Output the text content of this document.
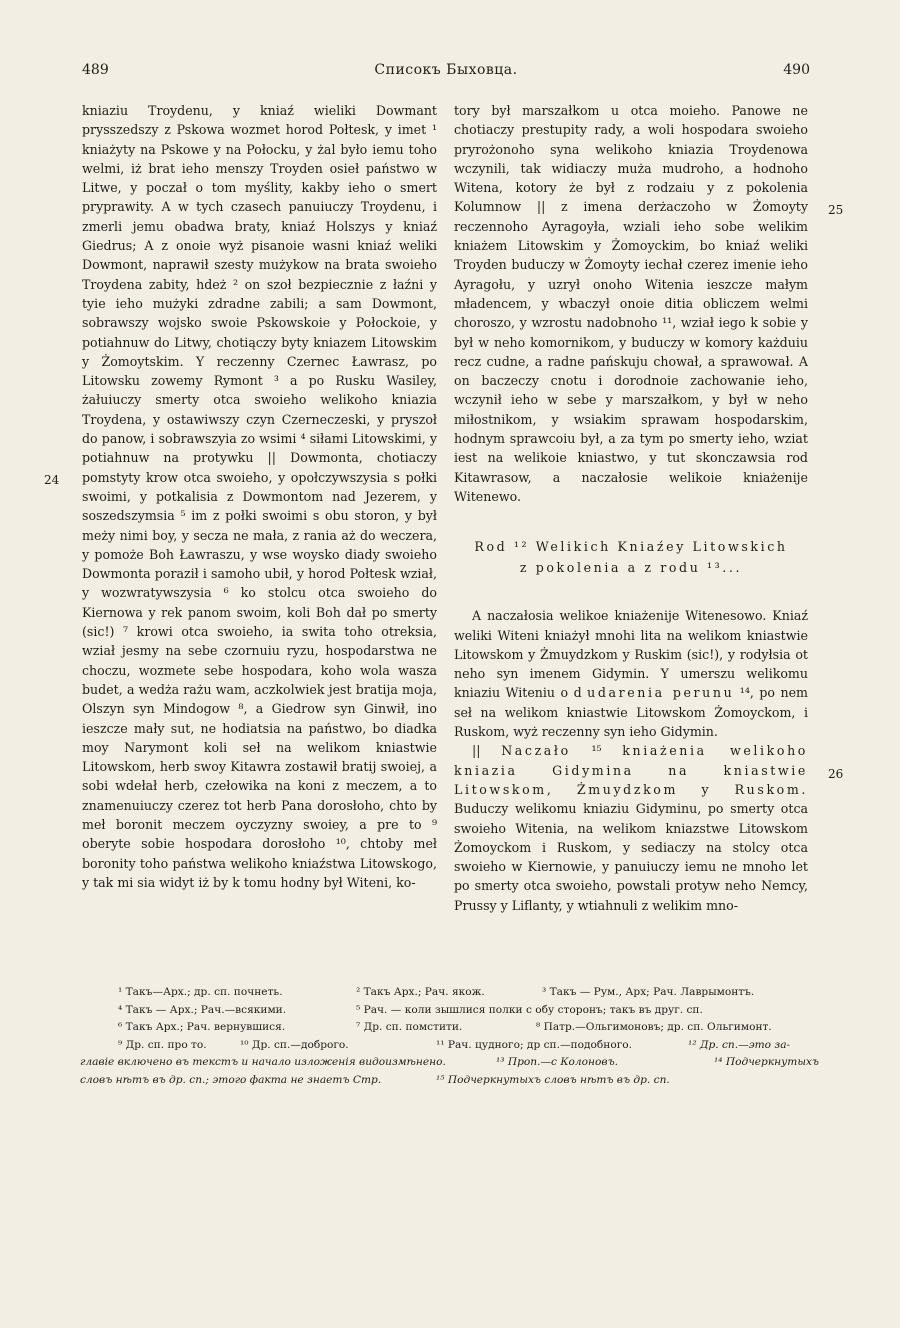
489	Списокъ Быховца.	490
24
25
26

kniaziu Troydenu, y kniaź wieliki Dowmant prysszedszy z Pskowa wozmet horod Połtesk, y imet ¹ kniażyty na Pskowe y na Połocku, y żal było iemu toho welmi, iż brat ieho menszy Troyden osieł państwo w Litwe, y poczał o tom myślity, kakby ieho o smert pryprawity. A w tych czasech panuiuczy Troydenu, i zmerli jemu obadwa braty, kniaź Holszys y kniaź Giedrus; A z onoie wyż pisanoie wasni kniaź weliki Dowmont, naprawił szesty mużykow na brata swoieho Troydena zabity, hdeż ² on szoł bezpiecznie z łaźni y tyie ieho mużyki zdradne zabili; a sam Dowmont, sobrawszy wojsko swoie Pskowskoie y Połockoie, y potiahnuw do Litwy, chotiączy byty kniazem Litowskim y Żomoytskim. Y reczenny Czernec Ławrasz, po Litowsku zowemy Rymont ³ a po Rusku Wasiley, żałuiuczy smerty otca swoieho welikoho kniazia Troydena, y ostawiwszy czyn Czerneczeski, y pryszoł do panow, i sobrawszyia zo wsimi ⁴ siłami Litowskimi, y potiahnuw na protywku || Dowmonta, chotiaczy pomstyty krow otca swoieho, y opołczywszysia s połki swoimi, y potkalisia z Dowmontom nad Jezerem, y soszedszymsia ⁵ im z połki swoimi s obu storon, y był meży nimi boy, y secza ne mała, z rania aż do weczera, y pomoże Boh Ławraszu, y wse woysko diady swoieho Dowmonta poraził i samoho ubił, y horod Połtesk wział, y wozwratywszysia ⁶ ko stolcu otca swoieho do Kiernowa y rek panom swoim, koli Boh dał po smerty (sic!) ⁷ krowi otca swoieho, ia swita toho otreksia, wział jesmy na sebe czornuiu ryzu, hospodarstwa ne choczu, wozmete sebe hospodara, koho wola wasza budet, a wedża rażu wam, aczkolwiek jest bratija moja, Olszyn syn Mindogow ⁸, a Giedrow syn Ginwił, ino ieszcze mały sut, ne hodiatsia na państwo, bo diadka moy Narymont koli seł na welikom kniastwie Litowskom, herb swoy Kitawra zostawił bratij swoiej, a sobi wdełał herb, czełowika na koni z meczem, a to znamenuiuczy czerez tot herb Pana dorosłoho, chto by meł boronit meczem oyczyzny swoiey, a pre to ⁹ oberyte sobie hospodara dorosłoho ¹⁰, chtoby meł boronity toho państwa welikoho kniaźstwa Litowskogo, y tak mi sia widyt iż by k tomu hodny był Witeni, ko-

tory był marszałkom u otca moieho. Panowe ne chotiaczy prestupity rady, a woli hospodara swoieho pryrożonoho syna welikoho kniazia Troydenowa wczynili, tak widiaczy muża mudroho, a hodnoho Witena, kotory że był z rodzaiu y z pokolenia Kolumnow || z imena derżaczoho w Żomoyty reczennoho Ayragoyła, wziali ieho sobe welikim kniażem Litowskim y Żomoyckim, bo kniaź weliki Troyden buduczy w Żomoyty iechał czerez imenie ieho Ayragołu, y uzrył onoho Witenia ieszcze małym mładencem, y wbaczył onoie ditia obliczem welmi choroszo, y wzrostu nadobnoho ¹¹, wział iego k sobie y był w neho komornikom, y buduczy w komory każduiu recz cudne, a radne pańskuju chował, a sprawował. A on baczeczy cnotu i dorodnoie zachowanie ieho, wczynił ieho w sebe y marszałkom, y był w neho miłostnikom, y wsiakim sprawam hospodarskim, hodnym sprawcoiu był, a za tym po smerty ieho, wziat iest na welikoie kniastwo, y tut skonczawsia rod Kitawrasow, a naczałosie welikoie kniażenije Witenewo.

Rod ¹² Welikich Kniaźey Litowskich
z pokolenia a z rodu ¹³...

A naczałosia welikoe kniażenije Witenesowo. Kniaź weliki Witeni kniażył mnohi lita na welikom kniastwie Litowskom y Żmuydzkom y Ruskim (sic!), y rodyłsia ot neho syn imenem Gidymin. Y umerszu welikomu kniaziu Witeniu o d udarenia perunu ¹⁴, po nem seł na welikom kniastwie Litowskom Żomoyckom, i Ruskom, wyż reczenny syn ieho Gidymin.

|| Naczało ¹⁵ kniażenia welikoho kniazia Gidymina na kniastwie Litowskom, Żmuydzkom y Ruskom. Buduczy welikomu kniaziu Gidyminu, po smerty otca swoieho Witenia, na welikom kniazstwe Litowskom Żomoyckom i Ruskom, y sediaczy na stolcy otca swoieho w Kiernowie, y panuiuczy iemu ne mnoho let po smerty otca swoieho, powstali protyw neho Nemcy, Prussy y Liflanty, y wtiahnuli z welikim mno-

¹ Такъ—Арх.; др. сп. почнеть.	² Такъ Арх.; Рач. якож.	³ Такъ — Рум., Арх; Рач. Лаврымонтъ.
⁴ Такъ — Арх.; Рач.—всякими.	⁵ Рач. — коли зышлися полки с обу сторонъ; такъ въ друг. сп.
⁶ Такъ Арх.; Рач. вернувшися.	⁷ Др. сп. помстити.	⁸ Патр.—Ольгимоновъ; др. сп. Ольгимонт.
⁹ Др. сп. про то.	¹⁰ Др. сп.—доброго.	¹¹ Рач. цудного; др сп.—подобного.	¹² Др. сп.—это за-
главіе включено въ текстъ и начало изложенія видоизмѣнено.	¹³ Проп.—с Колоновъ.	¹⁴ Подчеркнутыхъ
словъ нѣтъ въ др. сп.; этого факта не знаетъ Стр.	¹⁵ Подчеркнутыхъ словъ нѣтъ въ др. сп.
